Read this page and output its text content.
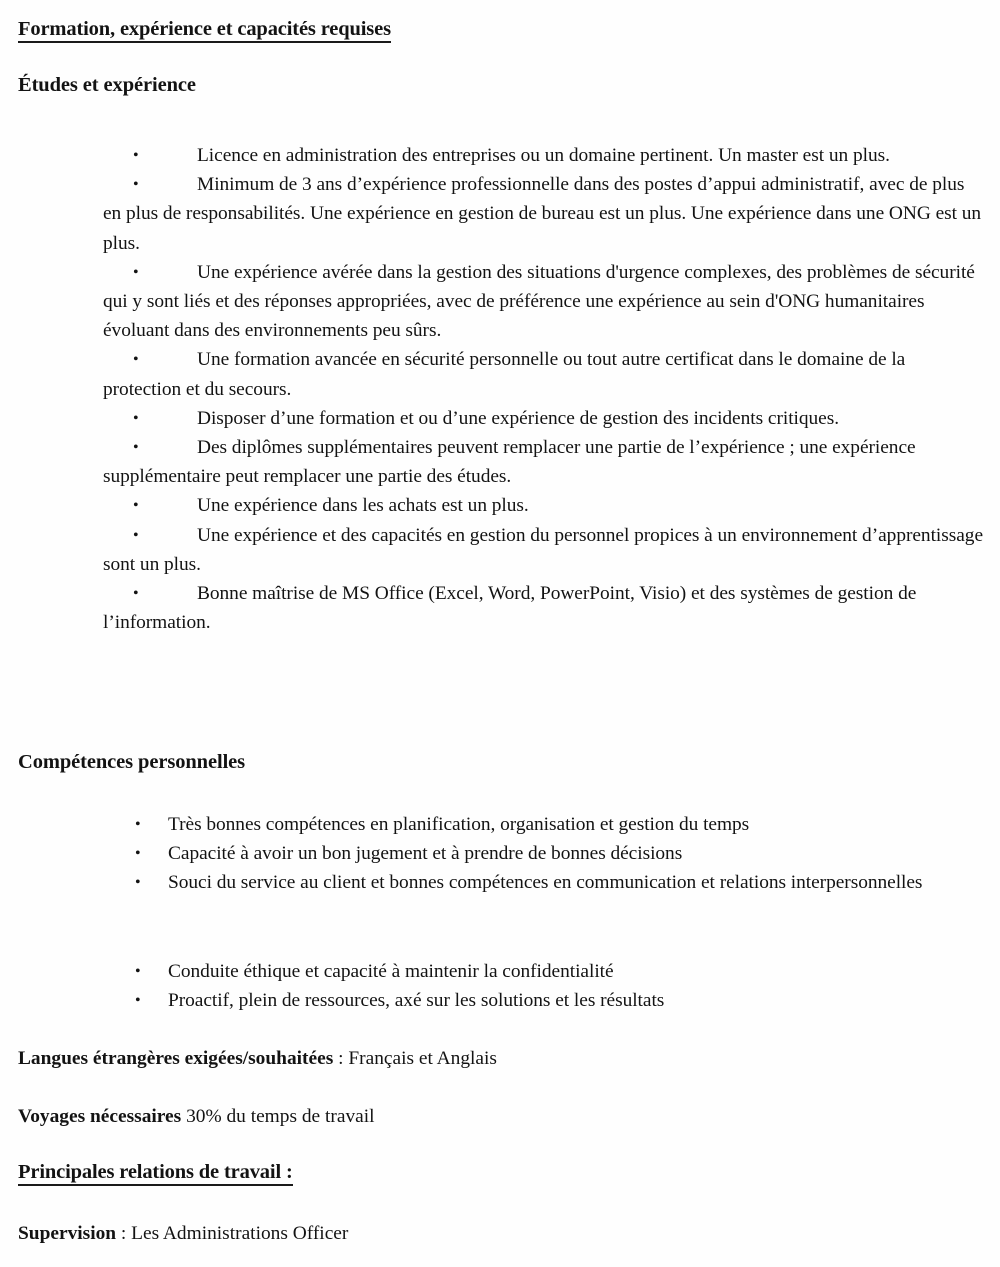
Formation, expérience et capacités requises
Études et expérience
•	Licence en administration des entreprises ou un domaine pertinent. Un master est un plus.
•	Minimum de 3 ans d’expérience professionnelle dans des postes d’appui administratif, avec de plus en plus de responsabilités. Une expérience en gestion de bureau est un plus. Une expérience dans une ONG est un plus.
•	Une expérience avérée dans la gestion des situations d'urgence complexes, des problèmes de sécurité qui y sont liés et des réponses appropriées, avec de préférence une expérience au sein d'ONG humanitaires évoluant dans des environnements peu sûrs.
•	Une formation avancée en sécurité personnelle ou tout autre certificat dans le domaine de la protection et du secours.
•	Disposer d’une formation et ou d’une expérience de gestion des incidents critiques.
•	Des diplômes supplémentaires peuvent remplacer une partie de l’expérience ; une expérience supplémentaire peut remplacer une partie des études.
•	Une expérience dans les achats est un plus.
•	Une expérience et des capacités en gestion du personnel propices à un environnement d’apprentissage sont un plus.
•	Bonne maîtrise de MS Office (Excel, Word, PowerPoint, Visio) et des systèmes de gestion de l’information.
Compétences personnelles
• Très bonnes compétences en planification, organisation et gestion du temps
• Capacité à avoir un bon jugement et à prendre de bonnes décisions
• Souci du service au client et bonnes compétences en communication et relations interpersonnelles
• Conduite éthique et capacité à maintenir la confidentialité
• Proactif, plein de ressources, axé sur les solutions et les résultats
Langues étrangères exigées/souhaitées : Français et Anglais
Voyages nécessaires 30% du temps de travail
Principales relations de travail :
Supervision : Les Administrations Officer
